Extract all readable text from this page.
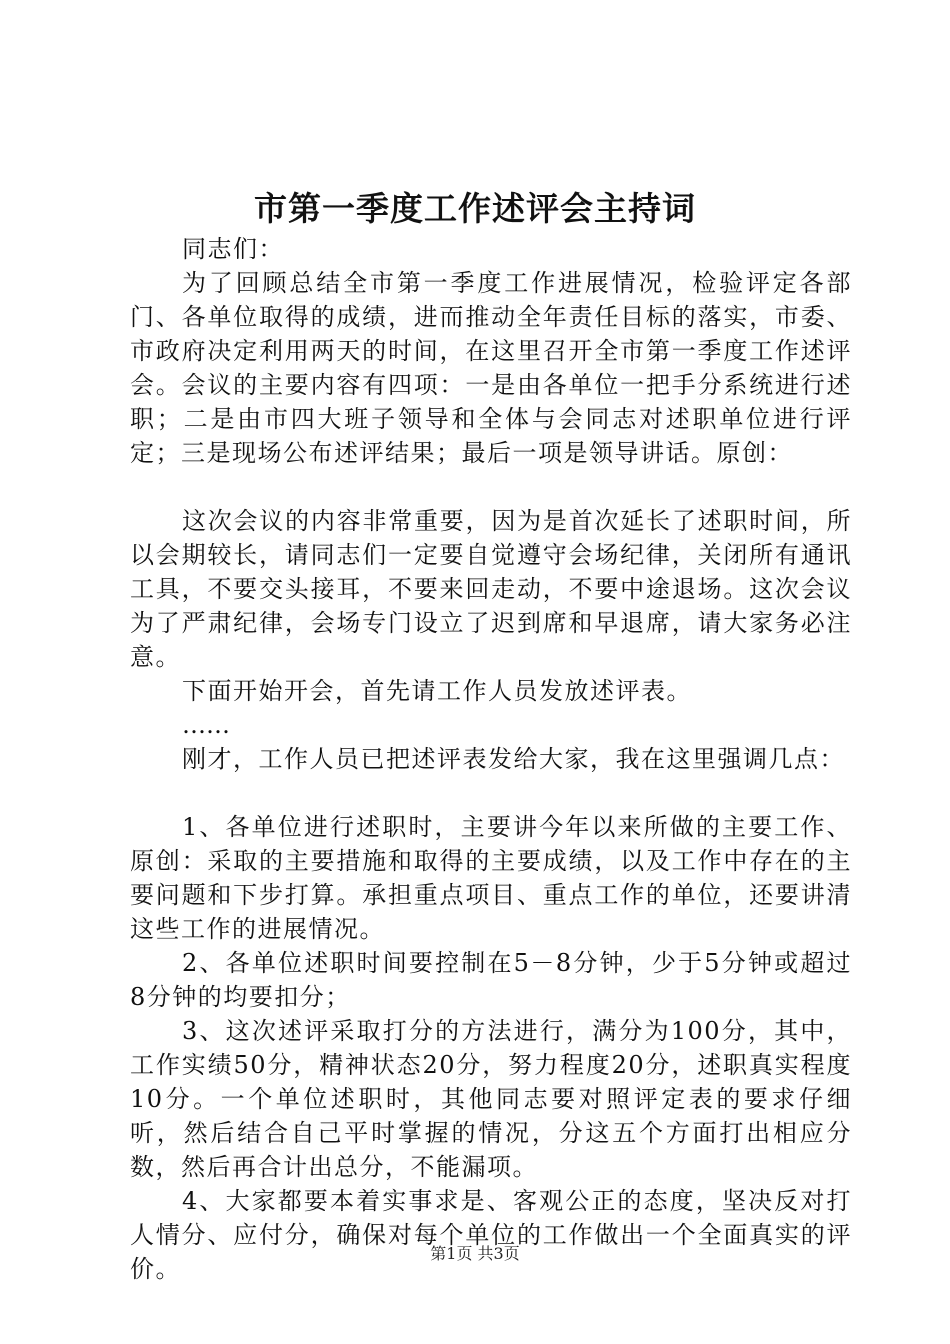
市第一季度工作述评会主持词

同志们：

为了回顾总结全市第一季度工作进展情况，检验评定各部门、各单位取得的成绩，进而推动全年责任目标的落实，市委、市政府决定利用两天的时间，在这里召开全市第一季度工作述评会。会议的主要内容有四项：一是由各单位一把手分系统进行述职；二是由市四大班子领导和全体与会同志对述职单位进行评定；三是现场公布述评结果；最后一项是领导讲话。原创：

这次会议的内容非常重要，因为是首次延长了述职时间，所以会期较长，请同志们一定要自觉遵守会场纪律，关闭所有通讯工具，不要交头接耳，不要来回走动，不要中途退场。这次会议为了严肃纪律，会场专门设立了迟到席和早退席，请大家务必注意。

下面开始开会，首先请工作人员发放述评表。

……

刚才，工作人员已把述评表发给大家，我在这里强调几点：

1、各单位进行述职时，主要讲今年以来所做的主要工作、原创：采取的主要措施和取得的主要成绩，以及工作中存在的主要问题和下步打算。承担重点项目、重点工作的单位，还要讲清这些工作的进展情况。

2、各单位述职时间要控制在5－8分钟，少于5分钟或超过8分钟的均要扣分；

3、这次述评采取打分的方法进行，满分为100分，其中，工作实绩50分，精神状态20分，努力程度20分，述职真实程度10分。一个单位述职时，其他同志要对照评定表的要求仔细听，然后结合自己平时掌握的情况，分这五个方面打出相应分数，然后再合计出总分，不能漏项。

4、大家都要本着实事求是、客观公正的态度，坚决反对打人情分、应付分，确保对每个单位的工作做出一个全面真实的评价。

第1页 共3页
